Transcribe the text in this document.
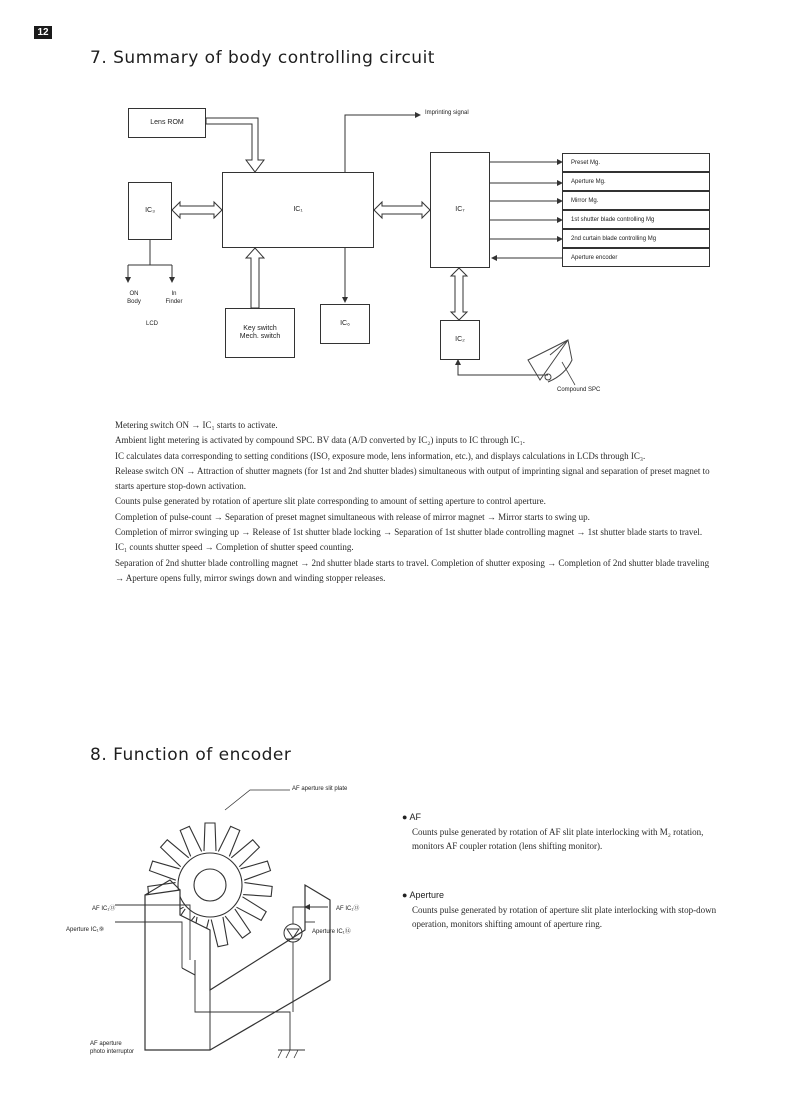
12
7. Summary of body controlling circuit
Lens ROM
Imprinting signal
IC₃	IC₁	IC₇
IC₆
IC₂
Key switch
Mech. switch
ON
Body
In
Finder
LCD
Compound SPC
Preset Mg.
Aperture Mg.
Mirror Mg.
1st shutter blade controlling Mg
2nd curtain blade controlling Mg
Aperture encoder

Metering switch ON → IC₁ starts to activate.

Ambient light metering is activated by compound SPC. BV data (A/D converted by IC₂) inputs to IC through IC₁.

IC calculates data corresponding to setting conditions (ISO, exposure mode, lens information, etc.), and displays calculations in LCDs through IC₃.

Release switch ON → Attraction of shutter magnets (for 1st and 2nd shutter blades) simultaneous with output of imprinting signal and separation of preset magnet to starts aperture stop-down activation.

Counts pulse generated by rotation of aperture slit plate corresponding to amount of setting aperture to control aperture.

Completion of pulse-count → Separation of preset magnet simultaneous with release of mirror magnet → Mirror starts to swing up.

Completion of mirror swinging up → Release of 1st shutter blade locking → Separation of 1st shutter blade controlling magnet → 1st shutter blade starts to travel.

IC₁ counts shutter speed → Completion of shutter speed counting.

Separation of 2nd shutter blade controlling magnet → 2nd shutter blade starts to travel. Completion of shutter exposing → Completion of 2nd shutter blade traveling → Aperture opens fully, mirror swings down and winding stopper releases.

8. Function of encoder
AF aperture slit plate
AF IC₁⑬
Aperture IC₁⑨
AF IC₁⑬
Aperture IC₁⑭
AF aperture
photo interruptor
● AF
Counts pulse generated by rotation of AF slit plate interlocking with M₂ rotation, monitors AF coupler rotation (lens shifting monitor).
● Aperture
Counts pulse generated by rotation of aperture slit plate interlocking with stop-down operation, monitors shifting amount of aperture ring.
